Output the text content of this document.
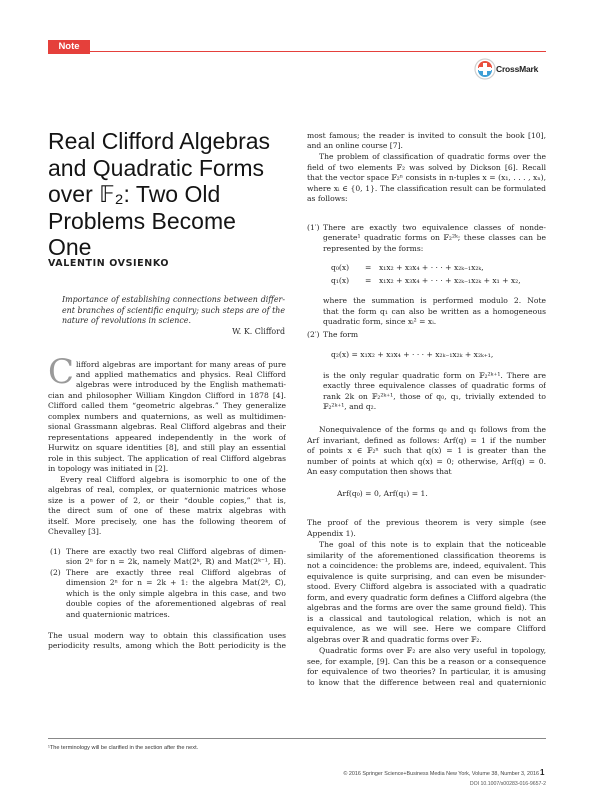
Note
CrossMark
Real Clifford Algebras
and Quadratic Forms
over 𝔽₂: Two Old
Problems Become
One
VALENTIN OVSIENKO
Importance of establishing connections between differ-
ent branches of scientific enquiry; such steps are of the
nature of revolutions in science.
W. K. Clifford
C lifford algebras are important for many areas of pure
and applied mathematics and physics. Real Clifford
algebras were introduced by the English mathemati-
cian and philosopher William Kingdon Clifford in 1878 [4].
Clifford called them “geometric algebras.” They generalize
complex numbers and quaternions, as well as multidimen-
sional Grassmann algebras. Real Clifford algebras and their
representations appeared independently in the work of
Hurwitz on square identities [8], and still play an essential
role in this subject. The application of real Clifford algebras
in topology was initiated in [2].
Every real Clifford algebra is isomorphic to one of the
algebras of real, complex, or quaternionic matrices whose
size is a power of 2, or their “double copies,” that is,
the direct sum of one of these matrix algebras with
itself. More precisely, one has the following theorem of
Chevalley [3].
(1) There are exactly two real Clifford algebras of dimen-
sion 2ⁿ for n = 2k, namely Mat(2ᵏ, ℝ) and Mat(2ᵏ⁻¹, ℍ).
(2) There are exactly three real Clifford algebras of
dimension 2ⁿ for n = 2k + 1: the algebra Mat(2ᵏ, ℂ),
which is the only simple algebra in this case, and two
double copies of the aforementioned algebras of real
and quaternionic matrices.
The usual modern way to obtain this classification uses
periodicity results, among which the Bott periodicity is the
most famous; the reader is invited to consult the book [10],
and an online course [7].
The problem of classification of quadratic forms over the
field of two elements 𝔽₂ was solved by Dickson [6]. Recall
that the vector space 𝔽₂ⁿ consists in n-tuples x = (x₁, . . . , xₙ),
where xᵢ ∈ {0, 1}. The classification result can be formulated
as follows:
(1′) There are exactly two equivalence classes of nonde-
generate¹ quadratic forms on 𝔽₂²ᵏ; these classes can be
represented by the forms:
q₀(x) = x₁x₂ + x₃x₄ + · · · + x₂ₖ₋₁x₂ₖ,
q₁(x) = x₁x₂ + x₃x₄ + · · · + x₂ₖ₋₁x₂ₖ + x₁ + x₂,
where the summation is performed modulo 2. Note
that the form q₁ can also be written as a homogeneous
quadratic form, since xᵢ² = xᵢ.
(2′) The form
q₂(x) = x₁x₂ + x₃x₄ + · · · + x₂ₖ₋₁x₂ₖ + x₂ₖ₊₁,
is the only regular quadratic form on 𝔽₂²ᵏ⁺¹. There are
exactly three equivalence classes of quadratic forms of
rank 2k on 𝔽₂²ᵏ⁺¹, those of q₀, q₁, trivially extended to
𝔽₂²ᵏ⁺¹, and q₂.
Nonequivalence of the forms q₀ and q₁ follows from the
Arf invariant, defined as follows: Arf(q) = 1 if the number
of points x ∈ 𝔽₂ⁿ such that q(x) = 1 is greater than the
number of points at which q(x) = 0; otherwise, Arf(q) = 0.
An easy computation then shows that
Arf(q₀) = 0, Arf(q₁) = 1.
The proof of the previous theorem is very simple (see
Appendix 1).
The goal of this note is to explain that the noticeable
similarity of the aforementioned classification theorems is
not a coincidence: the problems are, indeed, equivalent. This
equivalence is quite surprising, and can even be misunder-
stood. Every Clifford algebra is associated with a quadratic
form, and every quadratic form defines a Clifford algebra (the
algebras and the forms are over the same ground field). This
is a classical and tautological relation, which is not an
equivalence, as we will see. Here we compare Clifford
algebras over ℝ and quadratic forms over 𝔽₂.
Quadratic forms over 𝔽₂ are also very useful in topology,
see, for example, [9]. Can this be a reason or a consequence
for equivalence of two theories? In particular, it is amusing
to know that the difference between real and quaternionic
¹The terminology will be clarified in the section after the next.
© 2016 Springer Science+Business Media New York, Volume 38, Number 3, 2016 1
DOI 10.1007/s00283-016-9657-2
